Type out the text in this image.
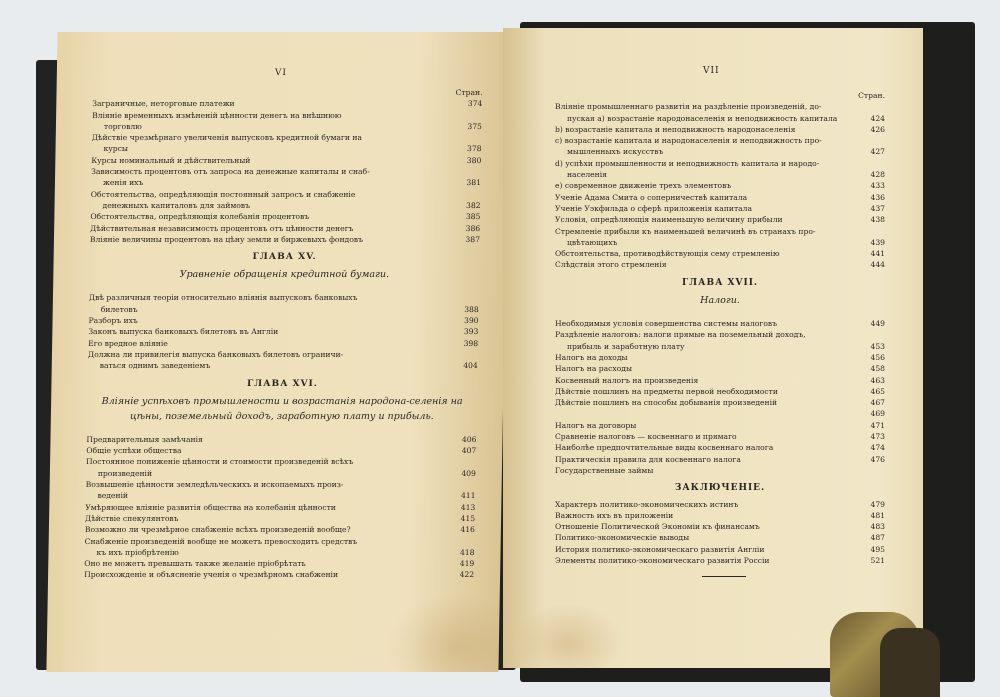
VI
Стран.
Заграничные, неторговые платежи	374
Вліяніе временныхъ измѣненій цѣнности денегъ на внѣшнюю
торговлю	375
Дѣйствіе чрезмѣрнаго увеличенія выпусковъ кредитной бумаги на
курсы	378
Курсы номинальный и дѣйствительный	380
Зависимость процентовъ отъ запроса на денежные капиталы и снаб-
женія ихъ	381
Обстоятельства, опредѣляющія постоянный запросъ и снабженіе
денежныхъ капиталовъ для займовъ	382
Обстоятельства, опредѣляющія колебанія процентовъ	385
Дѣйствительная независимость процентовъ отъ цѣнности денегъ	386
Вліяніе величины процентовъ на цѣну земли и биржевыхъ фондовъ	387
ГЛАВА XV.
Уравненіе обращенія кредитной бумаги.
Двѣ различныя теоріи относительно вліянія выпусковъ банковыхъ
билетовъ	388
Разборъ ихъ	390
Законъ выпуска банковыхъ билетовъ въ Англіи	393
Его вредное вліяніе	398
Должна ли привилегія выпуска банковыхъ билетовъ ограничи-
ваться однимъ заведеніемъ	404
ГЛАВА XVI.
Вліяніе успѣховъ промышлености и возрастанія народона-селенія на цѣны, поземельный доходъ, заработную плату и прибыль.
Предварительныя замѣчанія	406
Общіе успѣхи общества	407
Постоянное пониженіе цѣнности и стоимости произведеній всѣхъ
произведеній	409
Возвышеніе цѣнности земледѣльческихъ и ископаемыхъ произ-
веденій	411
Умѣряющее вліяніе развитія общества на колебанія цѣнности	413
Дѣйствіе спекулянтовъ	415
Возможно ли чрезмѣрное снабженіе всѣхъ произведеній вообще?	416
Снабженіе произведеній вообще не можетъ превосходить средствъ
къ ихъ пріобрѣтенію	418
Оно не можетъ превышать также желаніе пріобрѣтать	419
Происхожденіе и объясненіе ученія о чрезмѣрномъ снабженіи	422
VII
Стран.
Вліяніе промышленнаго развитія на раздѣленіе произведеній, до-
пуская a) возрастаніе народонаселенія и неподвижность капитала	424
b) возрастаніе капитала и неподвижность народонаселенія	426
c) возрастаніе капитала и народонаселенія и неподвижность про-
мышленныхъ искусствъ	427
d) успѣхи промышленности и неподвижность капитала и народо-
населенія	428
e) современное движеніе трехъ элементовъ	433
Ученіе Адама Смита о соперничествѣ капитала	436
Ученіе Уэкфильда о сферѣ приложенія капитала	437
Условія, опредѣляющія наименьшую величину прибыли	438
Стремленіе прибыли къ наименьшей величинѣ въ странахъ про-
цвѣтающихъ	439
Обстоятельства, противодѣйствующія сему стремленію	441
Слѣдствія этого стремленія	444
ГЛАВА XVII.
Налоги.
Необходимыя условія совершенства системы налоговъ	449
Раздѣленіе налоговъ: налоги прямые на поземельный доходъ,
прибыль и заработную плату	453
Налогъ на доходы	456
Налогъ на расходы	458
Косвенный налогъ на произведенія	463
Дѣйствіе пошлинъ на предметы первой необходимости	465
Дѣйствіе пошлинъ на способы добыванія произведеній	467
469
Налогъ на договоры	471
Сравненіе налоговъ — косвеннаго и прямаго	473
Наиболѣе предпочтительные виды косвеннаго налога	474
Практическія правила для косвеннаго налога	476
Государственные займы
ЗАКЛЮЧЕНІЕ.
Характеръ политико-экономическихъ истинъ	479
Важность ихъ въ приложеніи	481
Отношеніе Политической Экономіи къ финансамъ	483
Политико-экономическіе выводы	487
История политико-экономическаго развитія Англіи	495
Элементы политико-экономическаго развитія Россіи	521
